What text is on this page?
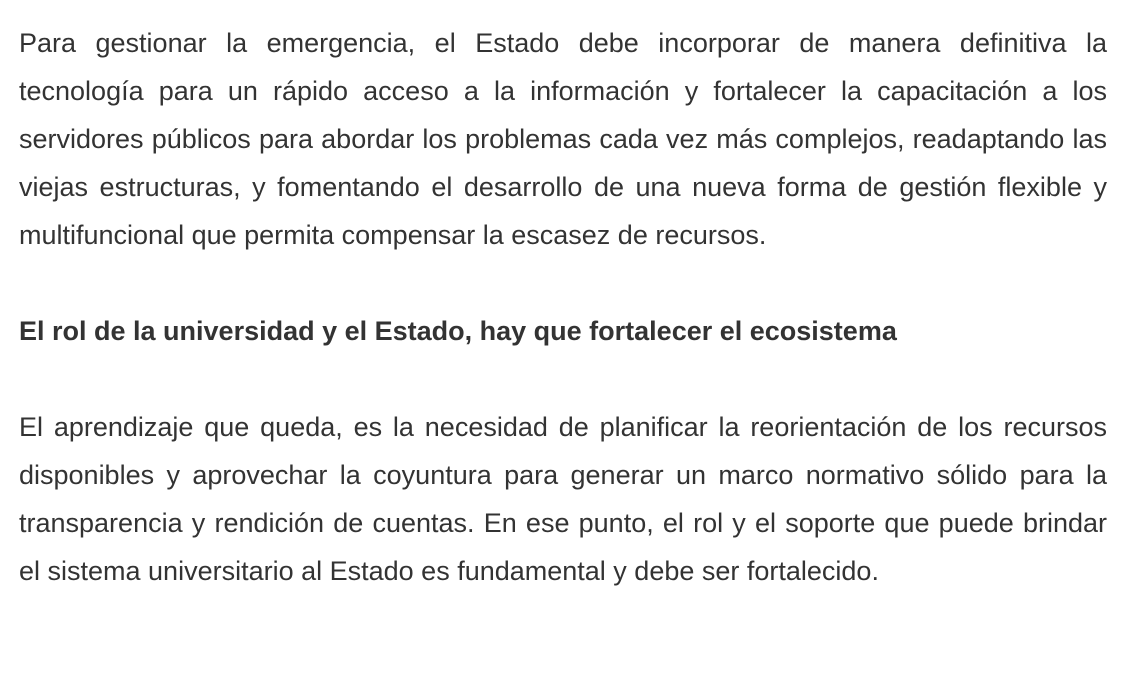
Para gestionar la emergencia, el Estado debe incorporar de manera definitiva la tecnología para un rápido acceso a la información y fortalecer la capacitación a los servidores públicos para abordar los problemas cada vez más complejos, readaptando las viejas estructuras, y fomentando el desarrollo de una nueva forma de gestión flexible y multifuncional que permita compensar la escasez de recursos.

El rol de la universidad y el Estado, hay que fortalecer el ecosistema

El aprendizaje que queda, es la necesidad de planificar la reorientación de los recursos disponibles y aprovechar la coyuntura para generar un marco normativo sólido para la transparencia y rendición de cuentas. En ese punto, el rol y el soporte que puede brindar el sistema universitario al Estado es fundamental y debe ser fortalecido.
